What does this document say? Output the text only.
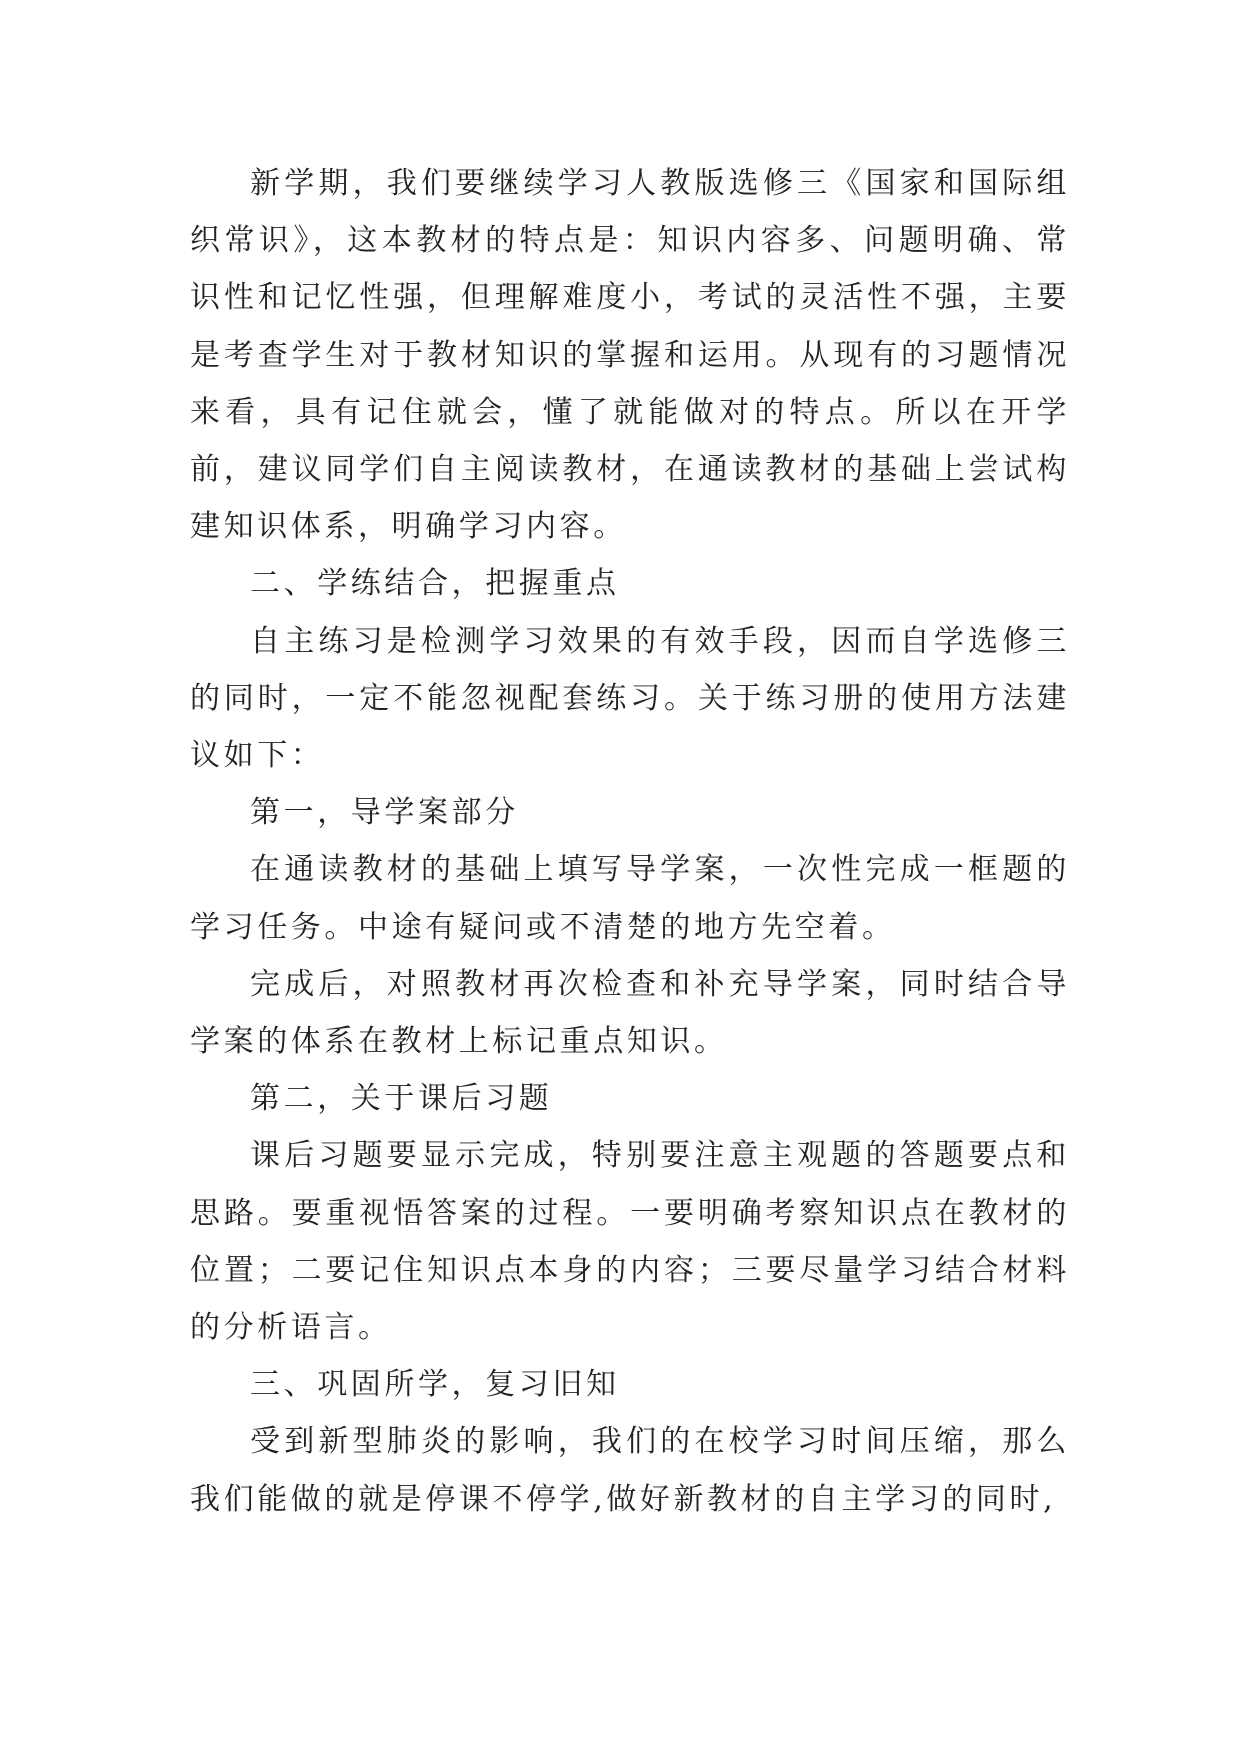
新学期，我们要继续学习人教版选修三《国家和国际组织常识》，这本教材的特点是：知识内容多、问题明确、常识性和记忆性强，但理解难度小，考试的灵活性不强，主要是考查学生对于教材知识的掌握和运用。从现有的习题情况来看，具有记住就会，懂了就能做对的特点。所以在开学前，建议同学们自主阅读教材，在通读教材的基础上尝试构建知识体系，明确学习内容。

二、学练结合，把握重点

自主练习是检测学习效果的有效手段，因而自学选修三的同时，一定不能忽视配套练习。关于练习册的使用方法建议如下：

第一，导学案部分

在通读教材的基础上填写导学案，一次性完成一框题的学习任务。中途有疑问或不清楚的地方先空着。

完成后，对照教材再次检查和补充导学案，同时结合导学案的体系在教材上标记重点知识。

第二，关于课后习题

课后习题要显示完成，特别要注意主观题的答题要点和思路。要重视悟答案的过程。一要明确考察知识点在教材的位置；二要记住知识点本身的内容；三要尽量学习结合材料的分析语言。

三、巩固所学，复习旧知

受到新型肺炎的影响，我们的在校学习时间压缩，那么我们能做的就是停课不停学,做好新教材的自主学习的同时,
